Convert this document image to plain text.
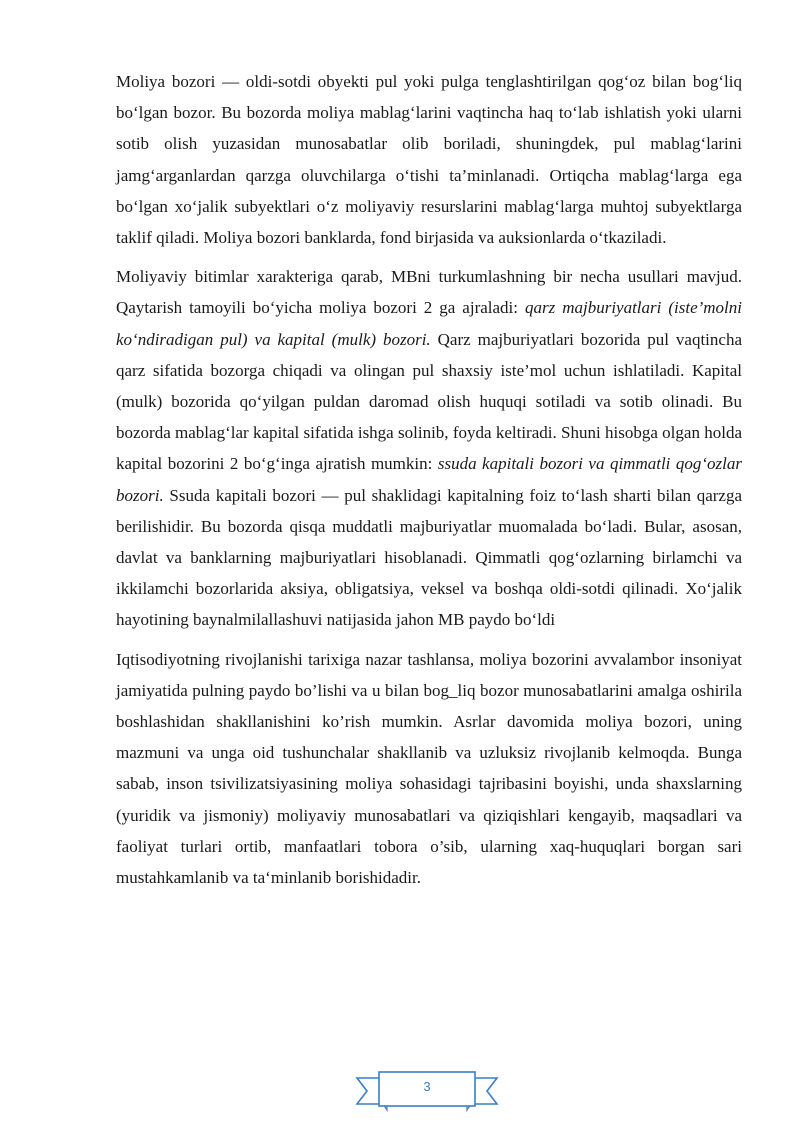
Moliya bozori — oldi-sotdi obyekti pul yoki pulga tenglashtirilgan qog‘oz bilan bog‘liq bo‘lgan bozor. Bu bozorda moliya mablag‘larini vaqtincha haq to‘lab ishlatish yoki ularni sotib olish yuzasidan munosabatlar olib boriladi, shuningdek, pul mablag‘larini jamg‘arganlardan qarzga oluvchilarga o‘tishi ta’minlanadi. Ortiqcha mablag‘larga ega bo‘lgan xo‘jalik subyektlari o‘z moliyaviy resurslarini mablag‘larga muhtoj subyektlarga taklif qiladi. Moliya bozori banklarda, fond birjasida va auksionlarda o‘tkaziladi.

Moliyaviy bitimlar xarakteriga qarab, MBni turkumlashning bir necha usullari mavjud. Qaytarish tamoyili bo‘yicha moliya bozori 2 ga ajraladi: qarz majburiyatlari (iste’molni ko‘ndiradigan pul) va kapital (mulk) bozori. Qarz majburiyatlari bozorida pul vaqtincha qarz sifatida bozorga chiqadi va olingan pul shaxsiy iste’mol uchun ishlatiladi. Kapital (mulk) bozorida qo‘yilgan puldan daromad olish huquqi sotiladi va sotib olinadi. Bu bozorda mablag‘lar kapital sifatida ishga solinib, foyda keltiradi. Shuni hisobga olgan holda kapital bozorini 2 bo‘g‘inga ajratish mumkin: ssuda kapitali bozori va qimmatli qog‘ozlar bozori. Ssuda kapitali bozori — pul shaklidagi kapitalning foiz to‘lash sharti bilan qarzga berilishidir. Bu bozorda qisqa muddatli majburiyatlar muomalada bo‘ladi. Bular, asosan, davlat va banklarning majburiyatlari hisoblanadi. Qimmatli qog‘ozlarning birlamchi va ikkilamchi bozorlarida aksiya, obligatsiya, veksel va boshqa oldi-sotdi qilinadi. Xo‘jalik hayotining baynalmilallashuvi natijasida jahon MB paydo bo‘ldi

Iqtisodiyotning rivojlanishi tarixiga nazar tashlansa, moliya bozorini avvalambor insoniyat jamiyatida pulning paydo bo’lishi va u bilan bog_liq bozor munosabatlarini amalga oshirila boshlashidan shakllanishini ko’rish mumkin. Asrlar davomida moliya bozori, uning mazmuni va unga oid tushunchalar shakllanib va uzluksiz rivojlanib kelmoqda. Bunga sabab, inson tsivilizatsiyasining moliya sohasidagi tajribasini boyishi, unda shaxslarning (yuridik va jismoniy) moliyaviy munosabatlari va qiziqishlari kengayib, maqsadlari va faoliyat turlari ortib, manfaatlari tobora o’sib, ularning xaq-huquqlari borgan sari mustahkamlanib va ta‘minlanib borishidadir.

3
